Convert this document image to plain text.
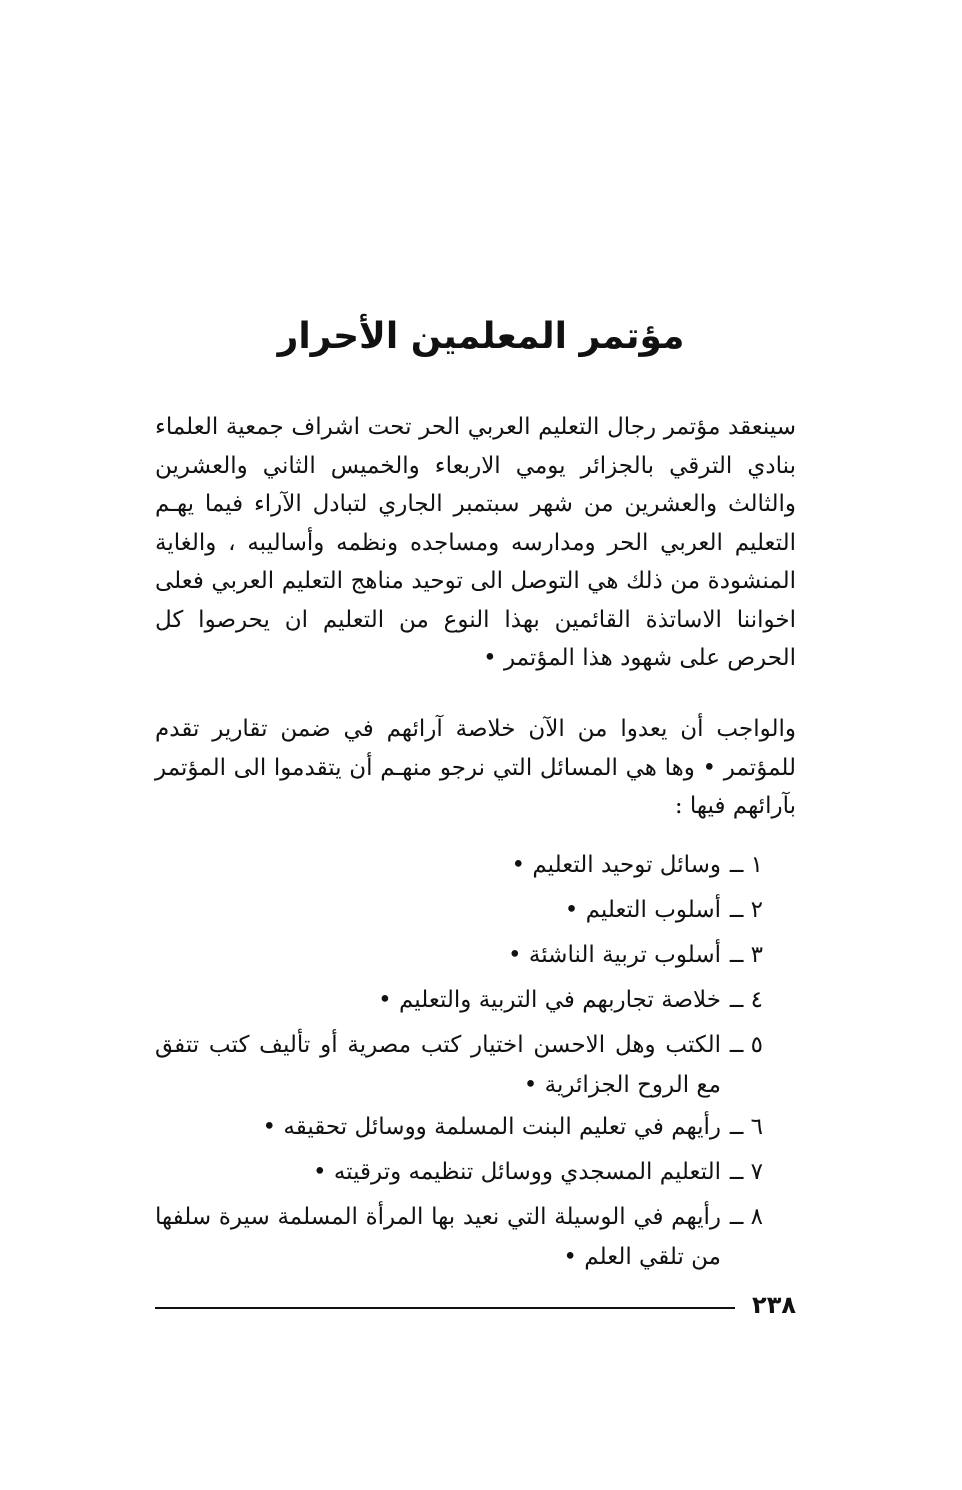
مؤتمر المعلمين الأحرار

سينعقد مؤتمر رجال التعليم العربي الحر تحت اشراف جمعية العلماء بنادي الترقي بالجزائر يومي الاربعاء والخميس الثاني والعشرين والثالث والعشرين من شهر سبتمبر الجاري لتبادل الآراء فيما يهـم التعليم العربي الحر ومدارسه ومساجده ونظمه وأساليبه ، والغاية المنشودة من ذلك هي التوصل الى توحيد مناهج التعليم العربي فعلى اخواننا الاساتذة القائمين بهذا النوع من التعليم ان يحرصوا كل الحرص على شهود هذا المؤتمر •

والواجب أن يعدوا من الآن خلاصة آرائهم في ضمن تقارير تقدم للمؤتمر • وها هي المسائل التي نرجو منهـم أن يتقدموا الى المؤتمر بآرائهم فيها :

١ ــ
وسائل توحيد التعليم •
٢ ــ
أسلوب التعليم •
٣ ــ
أسلوب تربية الناشئة •
٤ ــ
خلاصة تجاربهم في التربية والتعليم •
٥ ــ
الكتب وهل الاحسن اختيار كتب مصرية أو تأليف كتب تتفق مع الروح الجزائرية •
٦ ــ
رأيهم في تعليم البنت المسلمة ووسائل تحقيقه •
٧ ــ
التعليم المسجدي ووسائل تنظيمه وترقيته •
٨ ــ
رأيهم في الوسيلة التي نعيد بها المرأة المسلمة سيرة سلفها من تلقي العلم •
٢٣٨
